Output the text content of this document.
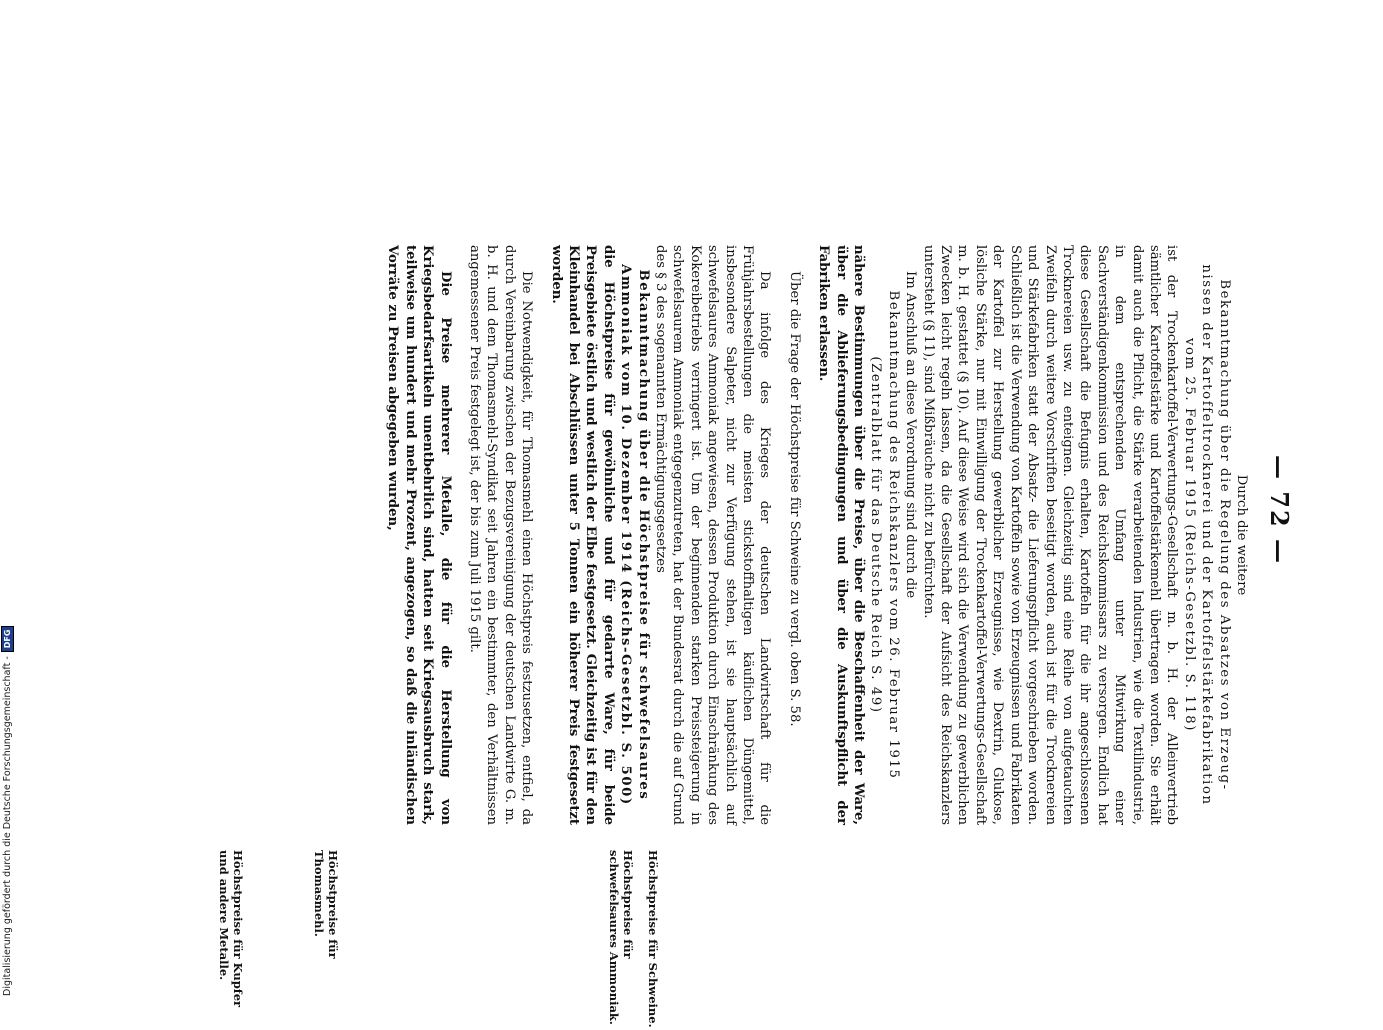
— 72 —

Durch die weitere

Bekanntmachung über die Regelung des Absatzes von Erzeug-

nissen der Kartoffeltrocknerei und der Kartoffelstärkefabrikation

vom 25. Februar 1915 (Reichs-Gesetzbl. S. 118)

ist der Trockenkartoffel-Verwertungs-Gesellschaft m. b. H. der Alleinvertrieb sämtlicher Kartoffelstärke und Kartoffelstärkemehl übertragen worden. Sie erhält damit auch die Pflicht, die Stärke verarbeitenden Industrien, wie die Textilindustrie, in dem entsprechenden Umfang unter Mitwirkung einer Sachverständigenkommission und des Reichskommissars zu versorgen. Endlich hat diese Gesellschaft die Befugnis erhalten, Kartoffeln für die ihr angeschlossenen Trocknereien usw. zu enteignen. Gleichzeitig sind eine Reihe von aufgetauchten Zweifeln durch weitere Vorschriften beseitigt worden, auch ist für die Trocknereien und Stärkefabriken statt der Absatz- die Lieferungspflicht vorgeschrieben worden. Schließlich ist die Verwendung von Kartoffeln sowie von Erzeugnissen und Fabrikaten der Kartoffel zur Herstellung gewerblicher Erzeugnisse, wie Dextrin, Glukose, lösliche Stärke, nur mit Einwilligung der Trockenkartoffel-Verwertungs-Gesellschaft m. b. H. gestattet (§ 10). Auf diese Weise wird sich die Verwendung zu gewerblichen Zwecken leicht regeln lassen, da die Gesellschaft der Aufsicht des Reichskanzlers untersteht (§ 11), sind Mißbräuche nicht zu befürchten.

Im Anschluß an diese Verordnung sind durch die

Bekanntmachung des Reichskanzlers vom 26. Februar 1915

(Zentralblatt für das Deutsche Reich S. 49)

nähere Bestimmungen über die Preise, über die Beschaffenheit der Ware, über die Ablieferungsbedingungen und über die Auskunftspflicht der Fabriken erlassen.

Über die Frage der Höchstpreise für Schweine zu vergl. oben S. 58.

Da infolge des Krieges der deutschen Landwirtschaft für die Frühjahrsbestellungen die meisten stickstoffhaltigen käuflichen Düngemittel, insbesondere Salpeter, nicht zur Verfügung stehen, ist sie hauptsächlich auf schwefelsaures Ammoniak angewiesen, dessen Produktion durch Einschränkung des Kokereibetriebs verringert ist. Um der beginnenden starken Preissteigerung in schwefelsaurem Ammoniak entgegenzutreten, hat der Bundesrat durch die auf Grund des § 3 des sogenannten Ermächtigungsgesetzes

Bekanntmachung über die Höchstpreise für schwefelsaures Ammoniak vom 10. Dezember 1914 (Reichs-Gesetzbl. S. 500)

die Höchstpreise für gewöhnliche und für gedarrte Ware, für beide Preisgebiete östlich und westlich der Elbe festgesetzt. Gleichzeitig ist für den Kleinhandel bei Abschlüssen unter 5 Tonnen ein höherer Preis festgesetzt worden.

Die Notwendigkeit, für Thomasmehl einen Höchstpreis festzusetzen, entfiel, da durch Vereinbarung zwischen der Bezugsvereinigung der deutschen Landwirte G. m. b. H. und dem Thomasmehl-Syndikat seit Jahren ein bestimmter, den Verhältnissen angemessener Preis festgelegt ist, der bis zum Juli 1915 gilt.

Die Preise mehrerer Metalle, die für die Herstellung von Kriegsbedarfsartikeln unentbehrlich sind, hatten seit Kriegsausbruch stark, teilweise um hundert und mehr Prozent, angezogen, so daß die inländischen Vorräte zu Preisen abgegeben wurden,

Höchstpreise für Schweine.
Höchstpreise für schwefelsaures Ammoniak.
Höchstpreise für Thomasmehl.
Höchstpreise für Kupfer und andere Metalle.
Digitalisierung gefördert durch die Deutsche Forschungsgemeinschaft -
DFG
